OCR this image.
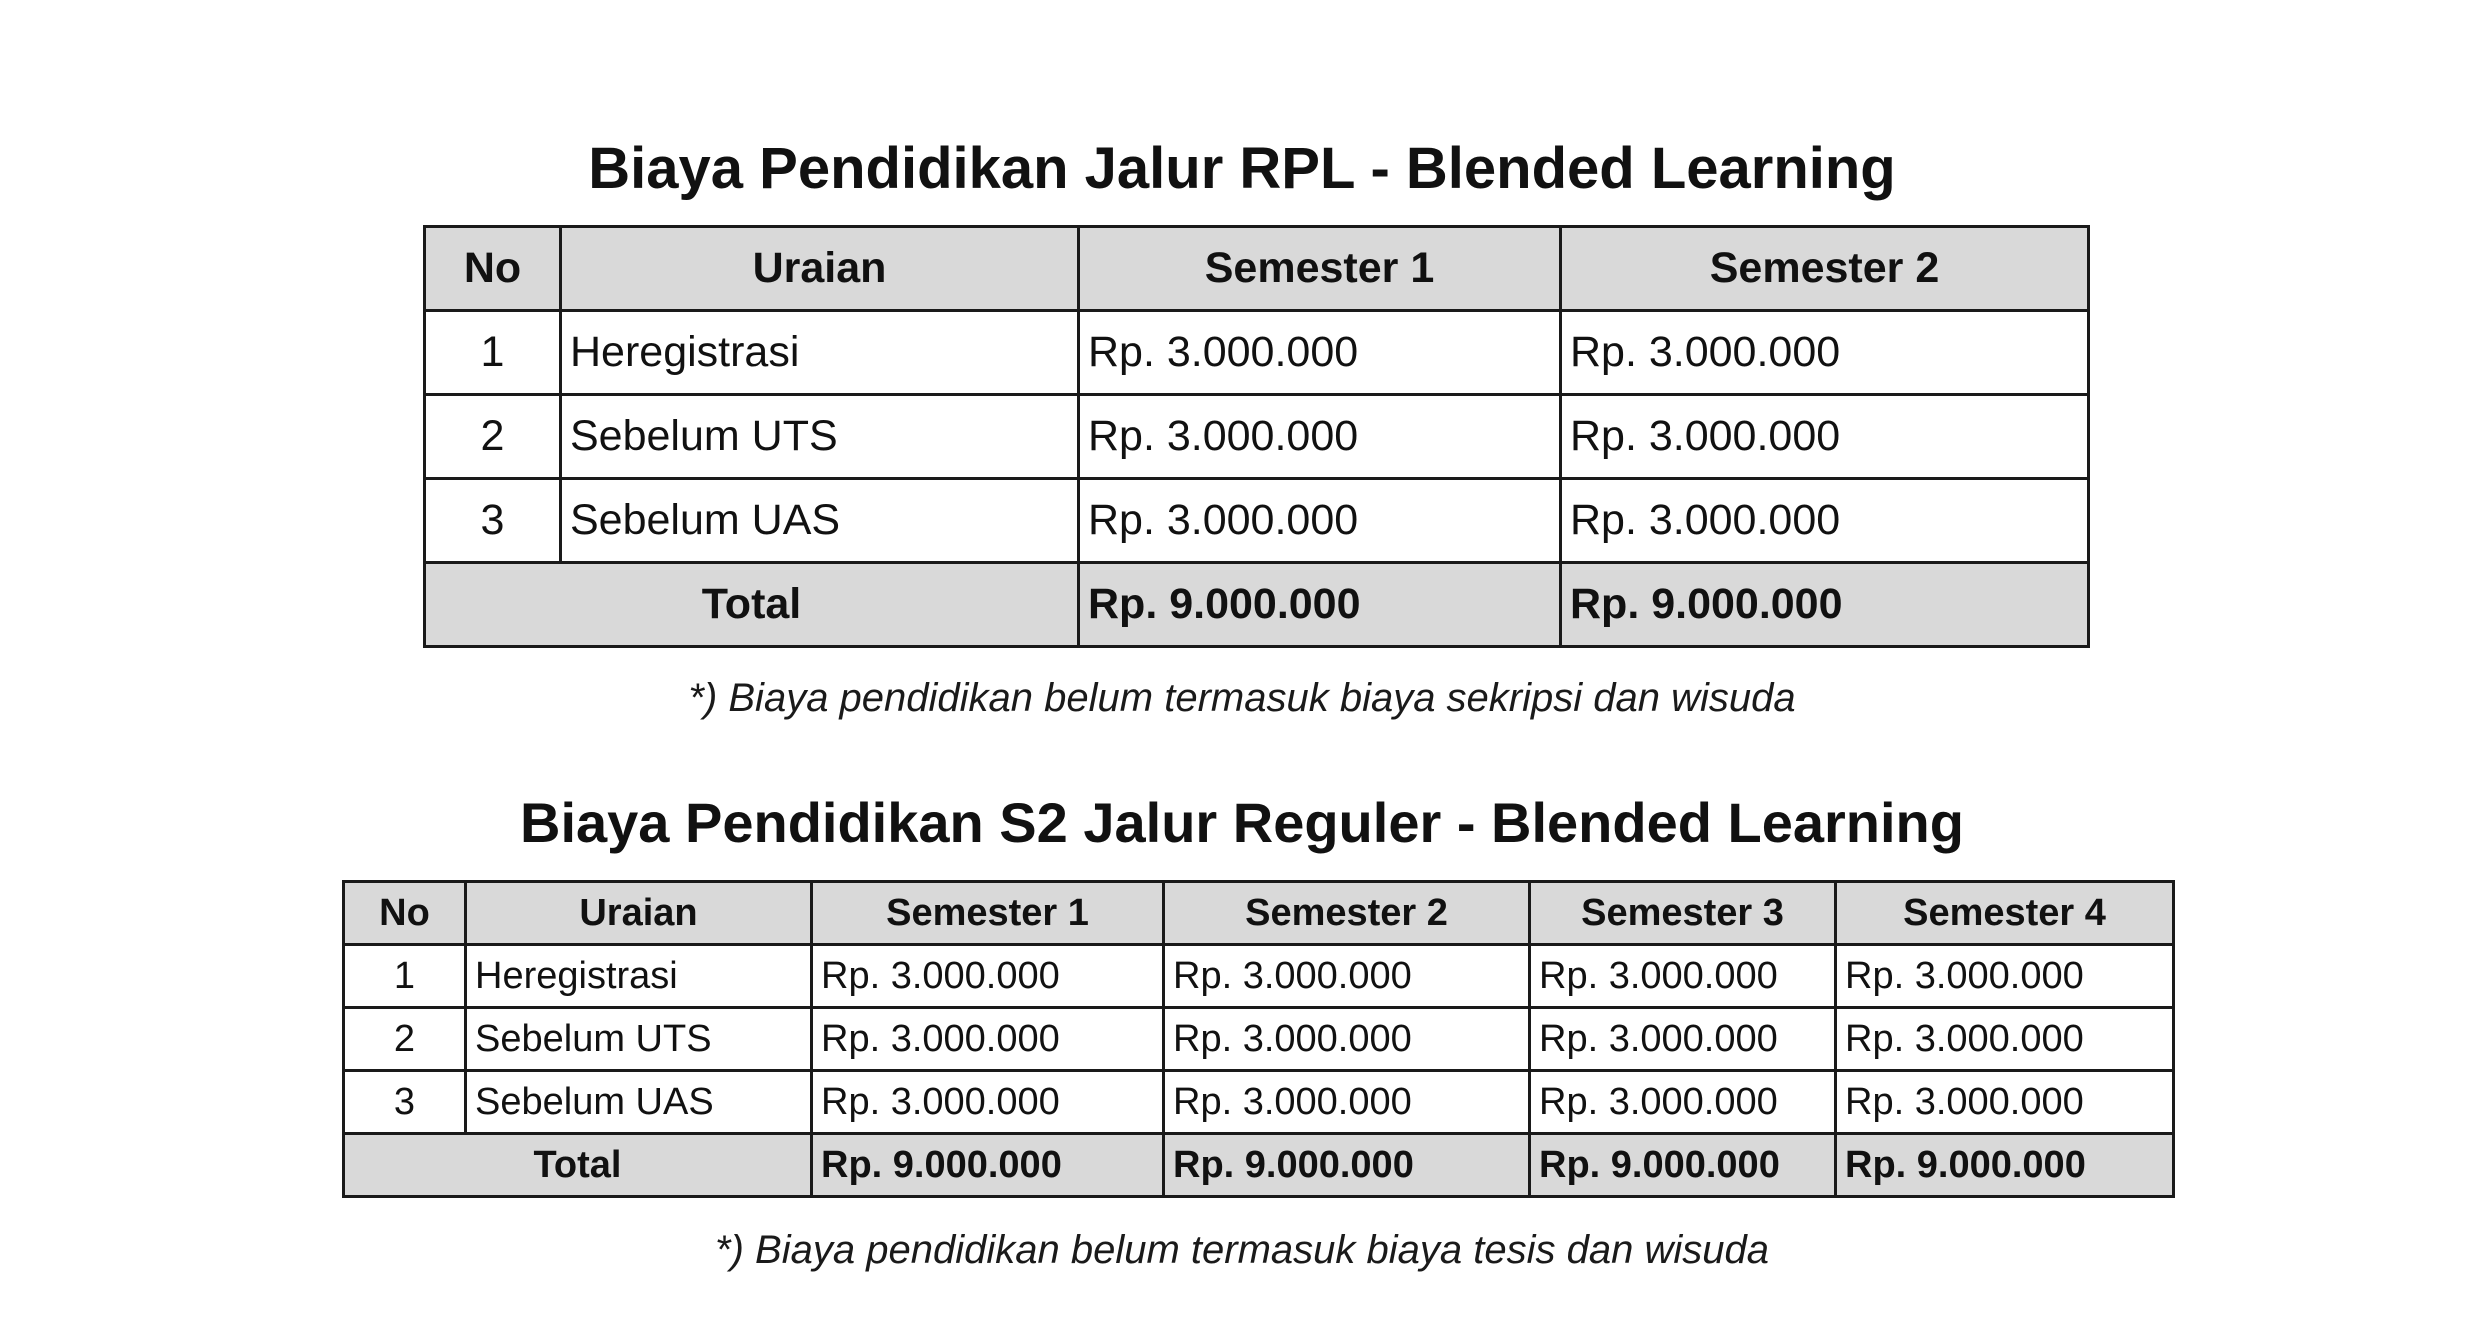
Biaya Pendidikan Jalur RPL - Blended Learning
No	Uraian	Semester 1	Semester 2
1	Heregistrasi	Rp. 3.000.000	Rp. 3.000.000
2	Sebelum UTS	Rp. 3.000.000	Rp. 3.000.000
3	Sebelum UAS	Rp. 3.000.000	Rp. 3.000.000
Total		Rp. 9.000.000	Rp. 9.000.000
*) Biaya pendidikan belum termasuk biaya sekripsi dan wisuda
Biaya Pendidikan S2 Jalur Reguler - Blended Learning
No	Uraian	Semester 1	Semester 2	Semester 3	Semester 4
1	Heregistrasi	Rp. 3.000.000	Rp. 3.000.000	Rp. 3.000.000	Rp. 3.000.000
2	Sebelum UTS	Rp. 3.000.000	Rp. 3.000.000	Rp. 3.000.000	Rp. 3.000.000
3	Sebelum UAS	Rp. 3.000.000	Rp. 3.000.000	Rp. 3.000.000	Rp. 3.000.000
Total		Rp. 9.000.000	Rp. 9.000.000	Rp. 9.000.000	Rp. 9.000.000
*) Biaya pendidikan belum termasuk biaya tesis dan wisuda
